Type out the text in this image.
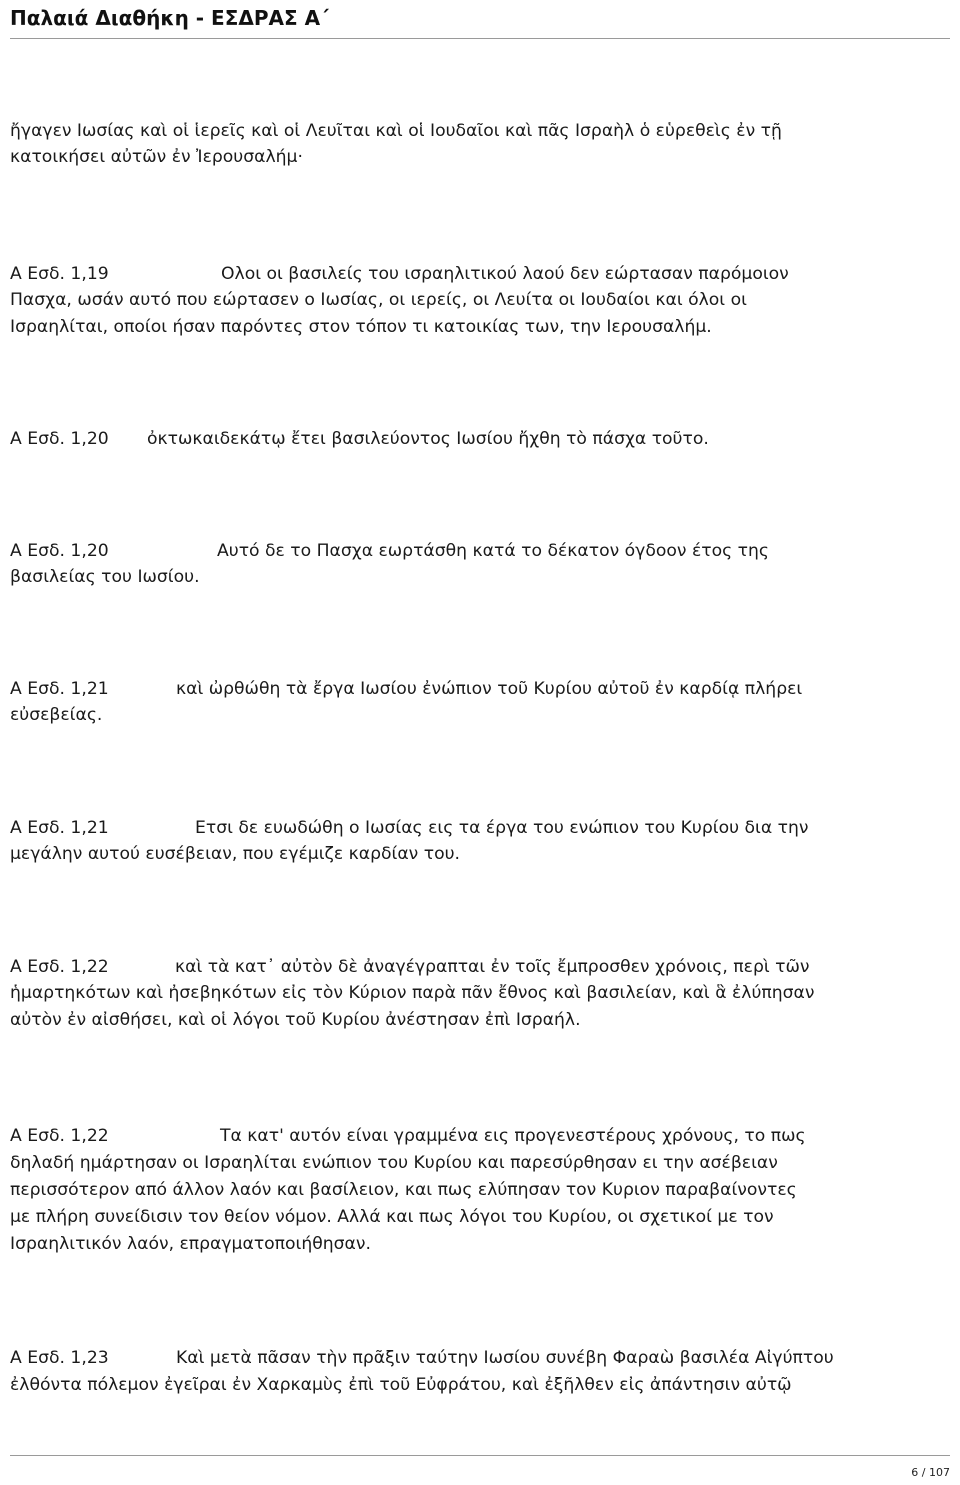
Παλαιά Διαθήκη - ΕΣΔΡΑΣ Α΄
ἤγαγεν Ιωσίας καὶ οἱ ἱερεῖς καὶ οἱ Λευῖται καὶ οἱ Ιουδαῖοι καὶ πᾶς Ισραὴλ ὁ εὑρεθεὶς ἐν τῇ
κατοικήσει αὐτῶν ἐν Ἰερουσαλήμ·
Α Εσδ. 1,19	Ολοι οι βασιλείς του ισραηλιτικού λαού δεν εώρτασαν παρόμοιον
Πασχα, ωσάν αυτό που εώρτασεν ο Ιωσίας, οι ιερείς, οι Λευίτα οι Ιουδαίοι και όλοι οι
Ισραηλίται, οποίοι ήσαν παρόντες στον τόπον τι κατοικίας των, την Ιερουσαλήμ.
Α Εσδ. 1,20 ὀκτωκαιδεκάτῳ ἔτει βασιλεύοντος Ιωσίου ἤχθη τὸ πάσχα τοῦτο.
Α Εσδ. 1,20	Αυτό δε το Πασχα εωρτάσθη κατά το δέκατον όγδοον έτος της
βασιλείας του Ιωσίου.
Α Εσδ. 1,21	καὶ ὠρθώθη τὰ ἔργα Ιωσίου ἐνώπιον τοῦ Κυρίου αὐτοῦ ἐν καρδίᾳ πλήρει
εὐσεβείας.
Α Εσδ. 1,21	Ετσι δε ευωδώθη ο Ιωσίας εις τα έργα του ενώπιον του Κυρίου δια την
μεγάλην αυτού ευσέβειαν, που εγέμιζε καρδίαν του.
Α Εσδ. 1,22	καὶ τὰ κατ᾿ αὐτὸν δὲ ἀναγέγραπται ἐν τοῖς ἔμπροσθεν χρόνοις, περὶ τῶν
ἡμαρτηκότων καὶ ἠσεβηκότων εἰς τὸν Κύριον παρὰ πᾶν ἔθνος καὶ βασιλείαν, καὶ ἃ ἐλύπησαν
αὐτὸν ἐν αἰσθήσει, καὶ οἱ λόγοι τοῦ Κυρίου ἀνέστησαν ἐπὶ Ισραήλ.
Α Εσδ. 1,22	Τα κατ' αυτόν είναι γραμμένα εις προγενεστέρους χρόνους, το πως
δηλαδή ημάρτησαν οι Ισραηλίται ενώπιον του Κυρίου και παρεσύρθησαν ει την ασέβειαν
περισσότερον από άλλον λαόν και βασίλειον, και πως ελύπησαν τον Κυριον παραβαίνοντες
με πλήρη συνείδισιν τον θείον νόμον. Αλλά και πως λόγοι του Κυρίου, οι σχετικοί με τον
Ισραηλιτικόν λαόν, επραγματοποιήθησαν.
Α Εσδ. 1,23	Καὶ μετὰ πᾶσαν τὴν πρᾶξιν ταύτην Ιωσίου συνέβη Φαραὼ βασιλέα Αἰγύπτου
ἐλθόντα πόλεμον ἐγεῖραι ἐν Χαρκαμὺς ἐπὶ τοῦ Εὐφράτου, καὶ ἐξῆλθεν εἰς ἀπάντησιν αὐτῷ
6 / 107
